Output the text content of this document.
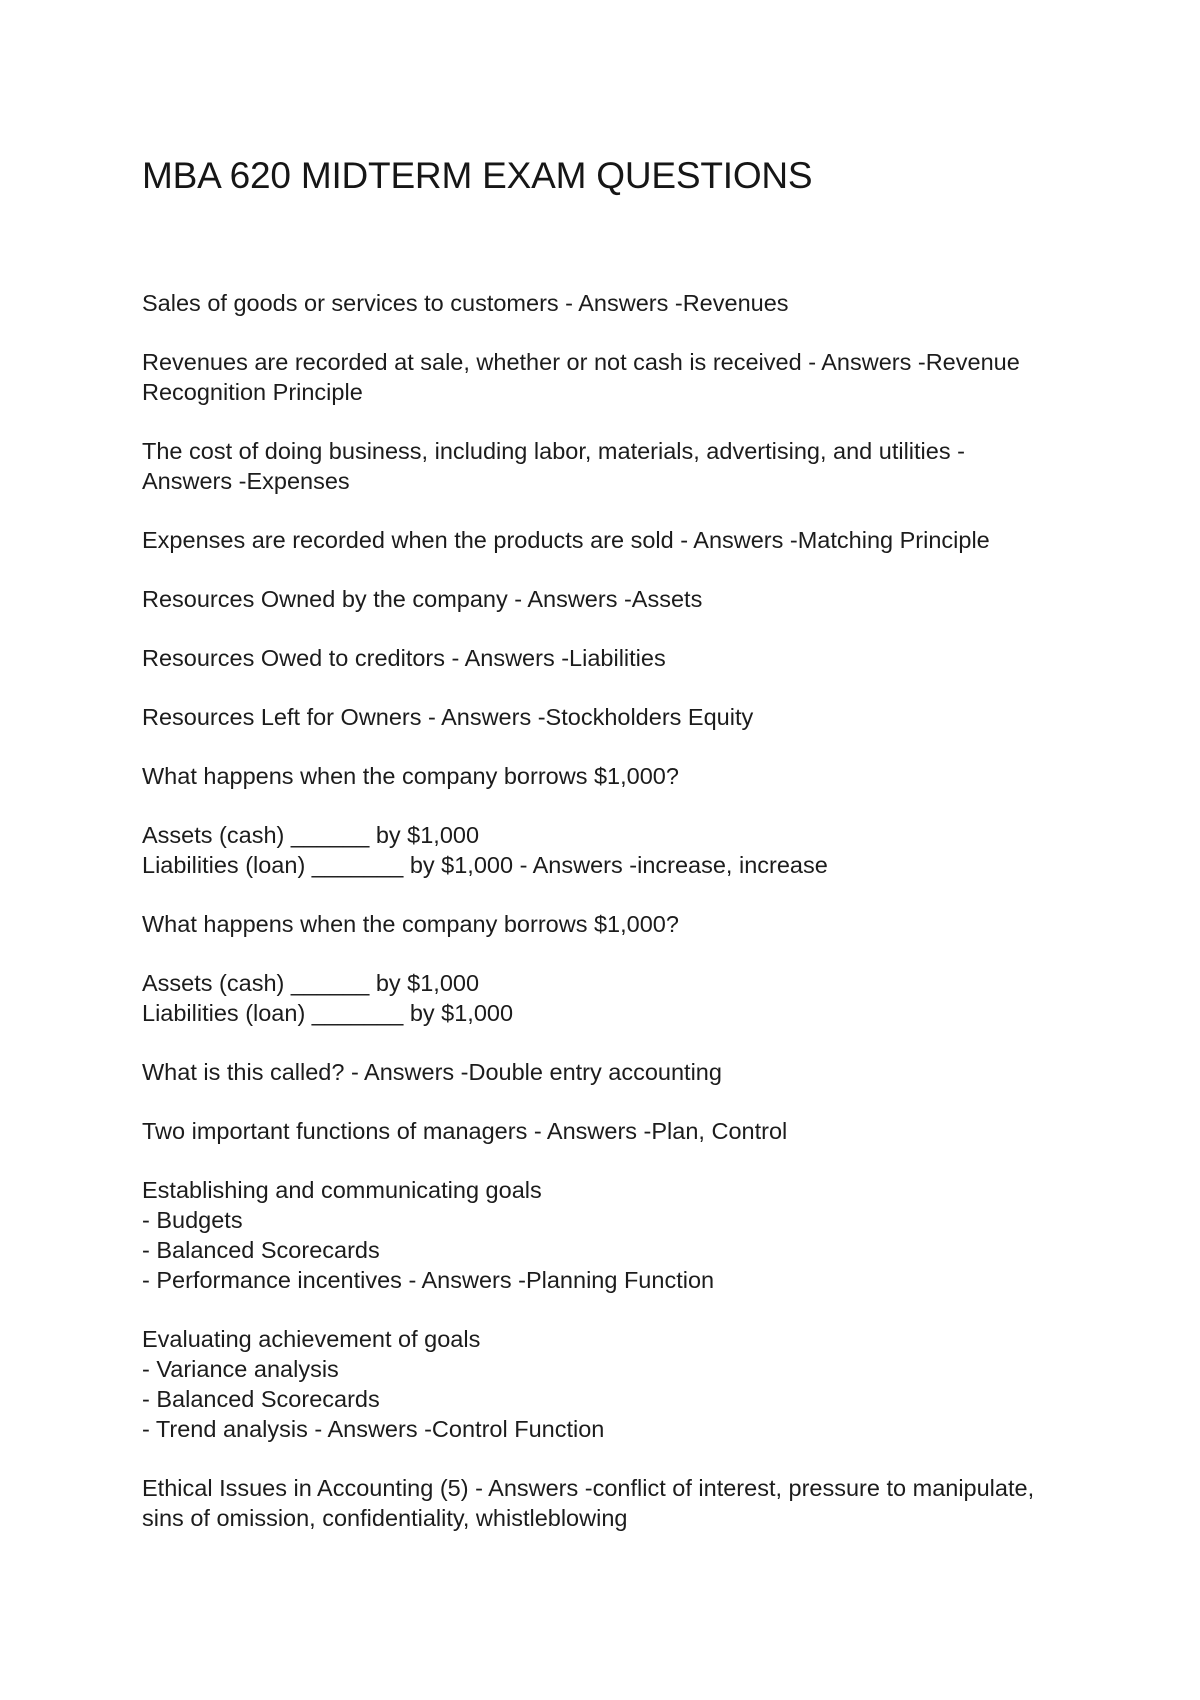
MBA 620 MIDTERM EXAM QUESTIONS
Sales of goods or services to customers - Answers -Revenues
Revenues are recorded at sale, whether or not cash is received - Answers -Revenue
Recognition Principle
The cost of doing business, including labor, materials, advertising, and utilities -
Answers -Expenses
Expenses are recorded when the products are sold - Answers -Matching Principle
Resources Owned by the company - Answers -Assets
Resources Owed to creditors - Answers -Liabilities
Resources Left for Owners - Answers -Stockholders Equity
What happens when the company borrows $1,000?
Assets (cash) ______ by $1,000
Liabilities (loan) _______ by $1,000 - Answers -increase, increase
What happens when the company borrows $1,000?
Assets (cash) ______ by $1,000
Liabilities (loan) _______ by $1,000
What is this called? - Answers -Double entry accounting
Two important functions of managers - Answers -Plan, Control
Establishing and communicating goals
- Budgets
- Balanced Scorecards
- Performance incentives - Answers -Planning Function
Evaluating achievement of goals
- Variance analysis
- Balanced Scorecards
- Trend analysis - Answers -Control Function
Ethical Issues in Accounting (5) - Answers -conflict of interest, pressure to manipulate,
sins of omission, confidentiality, whistleblowing
